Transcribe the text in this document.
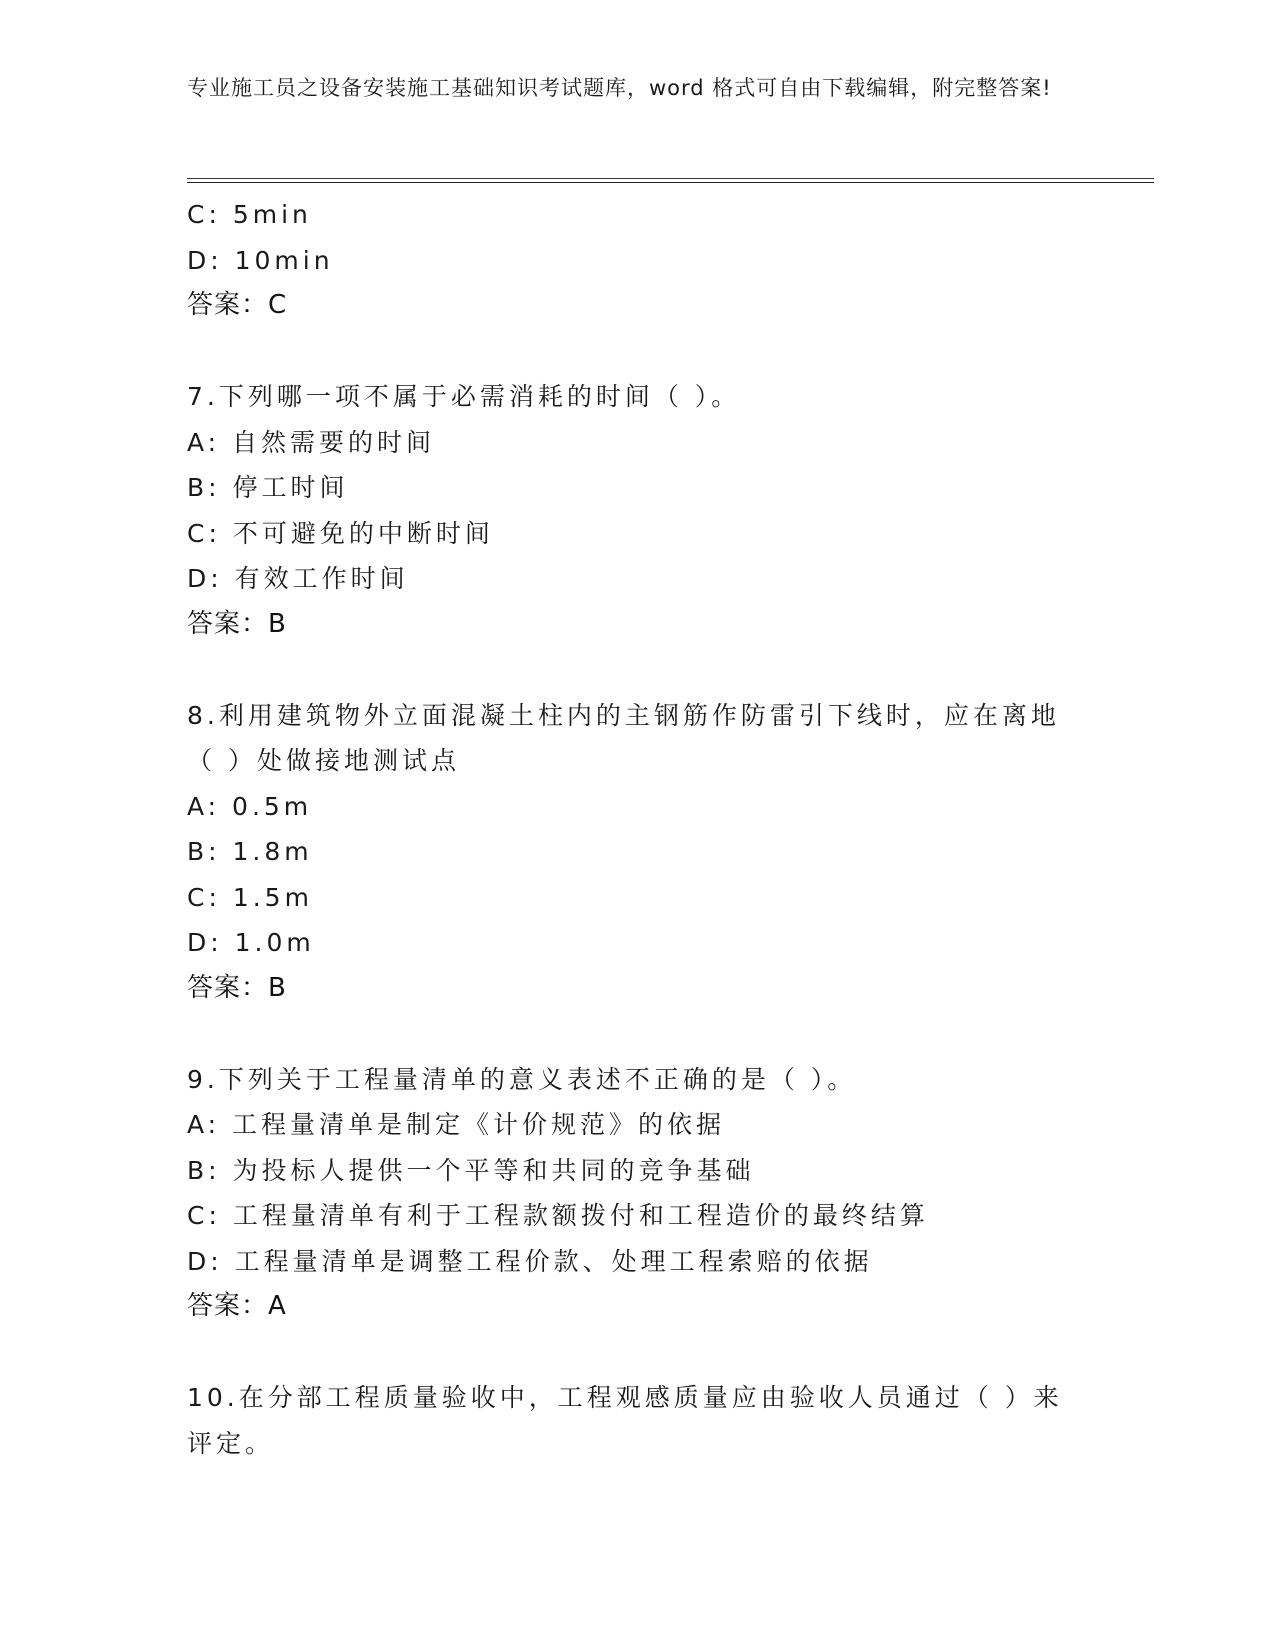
专业施工员之设备安装施工基础知识考试题库，word 格式可自由下载编辑，附完整答案!
C: 5min
D: 10min
答案：C
7.下列哪一项不属于必需消耗的时间（ ）。
A: 自然需要的时间
B: 停工时间
C: 不可避免的中断时间
D: 有效工作时间
答案：B
8.利用建筑物外立面混凝土柱内的主钢筋作防雷引下线时，应在离地
（ ）处做接地测试点
A: 0.5m
B: 1.8m
C: 1.5m
D: 1.0m
答案：B
9.下列关于工程量清单的意义表述不正确的是（ ）。
A: 工程量清单是制定《计价规范》的依据
B: 为投标人提供一个平等和共同的竞争基础
C: 工程量清单有利于工程款额拨付和工程造价的最终结算
D: 工程量清单是调整工程价款、处理工程索赔的依据
答案：A
10.在分部工程质量验收中，工程观感质量应由验收人员通过（ ）来
评定。
